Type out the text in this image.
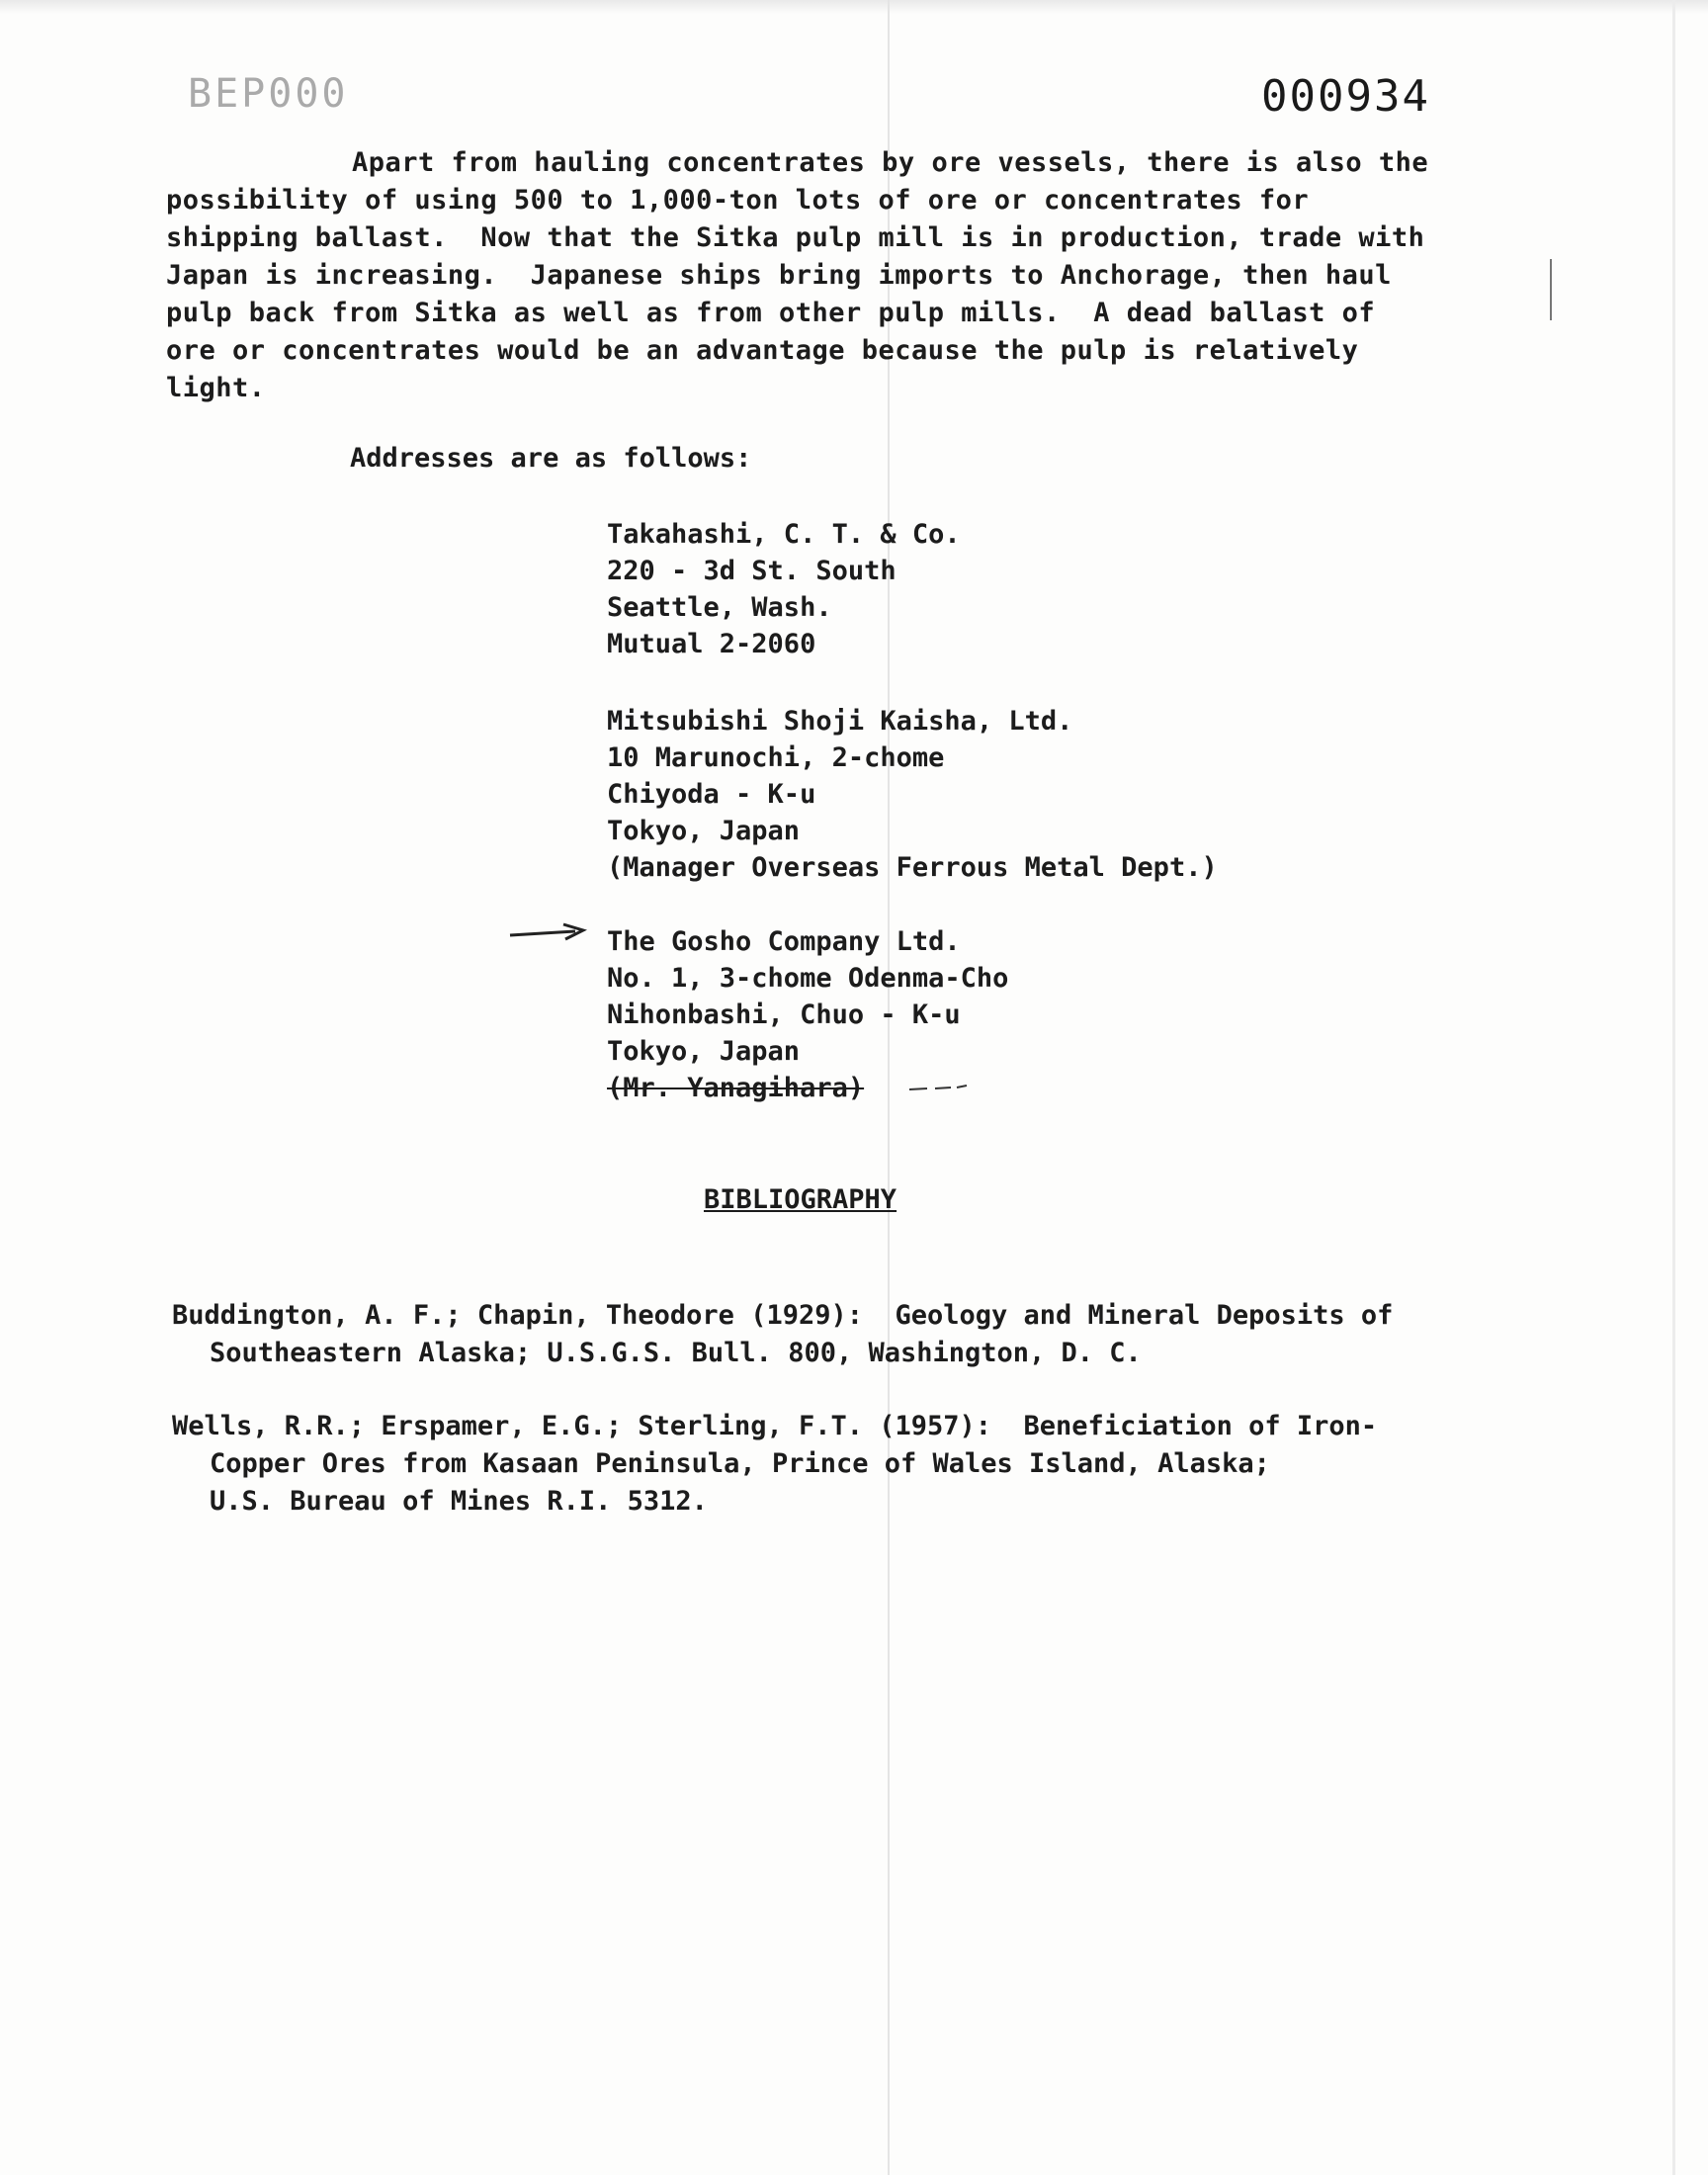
BEP000	000934
Apart from hauling concentrates by ore vessels, there is also the
possibility of using 500 to 1,000-ton lots of ore or concentrates for
shipping ballast.  Now that the Sitka pulp mill is in production, trade with
Japan is increasing.  Japanese ships bring imports to Anchorage, then haul
pulp back from Sitka as well as from other pulp mills.  A dead ballast of
ore or concentrates would be an advantage because the pulp is relatively
light.
Addresses are as follows:
Takahashi, C. T. & Co.
220 - 3d St. South
Seattle, Wash.
Mutual 2-2060
Mitsubishi Shoji Kaisha, Ltd.
10 Marunochi, 2-chome
Chiyoda - K-u
Tokyo, Japan
(Manager Overseas Ferrous Metal Dept.)
The Gosho Company Ltd.
No. 1, 3-chome Odenma-Cho
Nihonbashi, Chuo - K-u
Tokyo, Japan
(Mr. Yanagihara)
BIBLIOGRAPHY
Buddington, A. F.; Chapin, Theodore (1929):  Geology and Mineral Deposits of
Southeastern Alaska; U.S.G.S. Bull. 800, Washington, D. C.
Wells, R.R.; Erspamer, E.G.; Sterling, F.T. (1957):  Beneficiation of Iron-
Copper Ores from Kasaan Peninsula, Prince of Wales Island, Alaska;
U.S. Bureau of Mines R.I. 5312.
